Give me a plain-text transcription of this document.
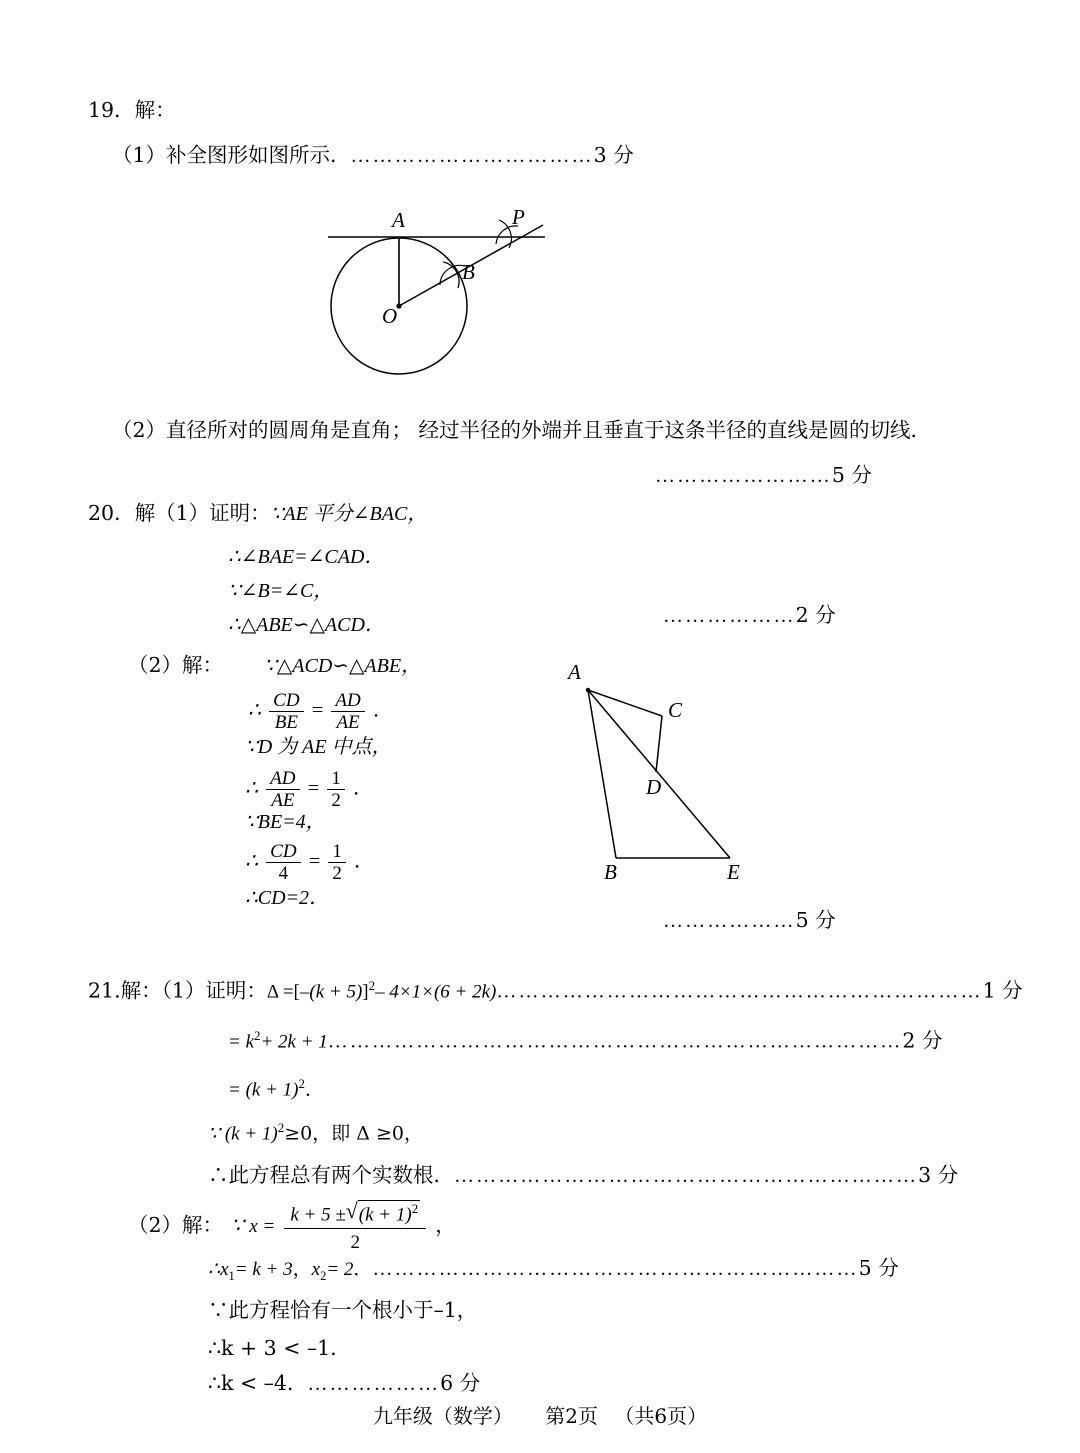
19．解：
（1）补全图形如图所示．……………………………3 分
A
B
P
O
（2）直径所对的圆周角是直角； 经过半径的外端并且垂直于这条半径的直线是圆的切线．
……………………5 分
20．解（1）证明：∵AE 平分∠BAC，
∴∠BAE=∠CAD．
∵∠B=∠C，
∴△ABE∽△ACD．	………………2 分
（2）解： ∵△ACD∽△ABE，
∴ $\frac{CD}{BE} = \frac{AD}{AE}$ ．
∵D 为 AE 中点，
∴ $\frac{AD}{AE} = \frac{1}{2}$ ．
∵BE=4，
∴ $\frac{CD}{4} = \frac{1}{2}$ ．
∴CD=2．
A
C
D
B	E
………………5 分
21.解：（1）证明：$\Delta =[-(k + 5)]^2-$ 4×1×(6 + 2k)…………………………………………………………1 分
= $k^2+ 2k$ + 1……………………………………………………………………2 分
= $(k + 1)^2$．
∵ $(k + 1)^2\ge 0$，即 Δ ≥0，
∴此方程总有两个实数根．………………………………………………………3 分
（2）解： ∵ $x = \frac{k + 5 \pm √ (k + 1)^2}{2}$ ，
$\therefore x_1= k + 3$，$x_2= 2$．…………………………………………………………5 分
∵此方程恰有一个根小于–1，
∴k + 3 < –1．
∴k < –4．………………6 分
九年级（数学） 第2页 （共6页）
